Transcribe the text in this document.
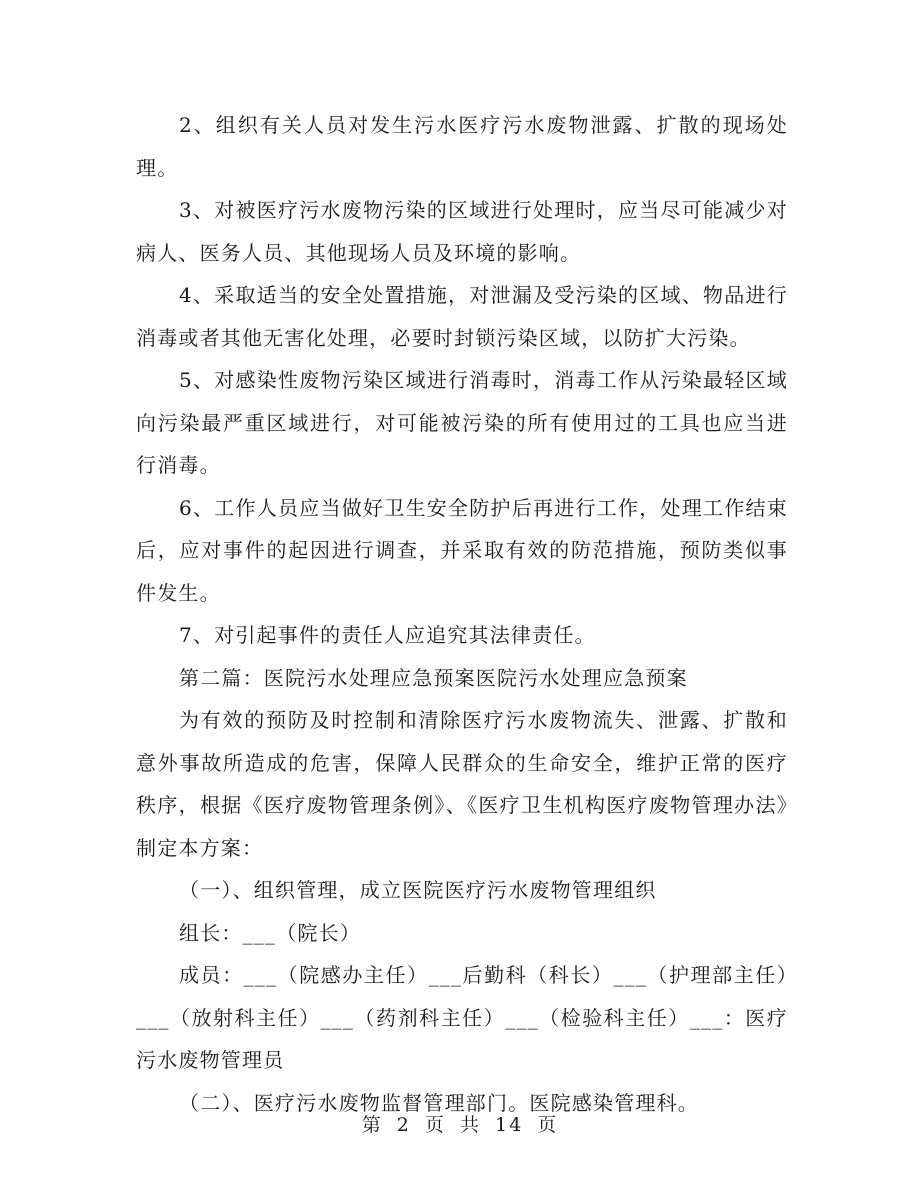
2、组织有关人员对发生污水医疗污水废物泄露、扩散的现场处理。

3、对被医疗污水废物污染的区域进行处理时，应当尽可能减少对病人、医务人员、其他现场人员及环境的影响。

4、采取适当的安全处置措施，对泄漏及受污染的区域、物品进行消毒或者其他无害化处理，必要时封锁污染区域，以防扩大污染。

5、对感染性废物污染区域进行消毒时，消毒工作从污染最轻区域向污染最严重区域进行，对可能被污染的所有使用过的工具也应当进行消毒。

6、工作人员应当做好卫生安全防护后再进行工作，处理工作结束后，应对事件的起因进行调查，并采取有效的防范措施，预防类似事件发生。

7、对引起事件的责任人应追究其法律责任。

第二篇：医院污水处理应急预案医院污水处理应急预案

为有效的预防及时控制和清除医疗污水废物流失、泄露、扩散和意外事故所造成的危害，保障人民群众的生命安全，维护正常的医疗秩序，根据《医疗废物管理条例》、《医疗卫生机构医疗废物管理办法》制定本方案：

（一）、组织管理，成立医院医疗污水废物管理组织

组长：___（院长）

成员：___（院感办主任）___后勤科（科长）___（护理部主任）___（放射科主任）___（药剂科主任）___（检验科主任）___：医疗污水废物管理员

（二）、医疗污水废物监督管理部门。医院感染管理科。

第 2 页 共 14 页
